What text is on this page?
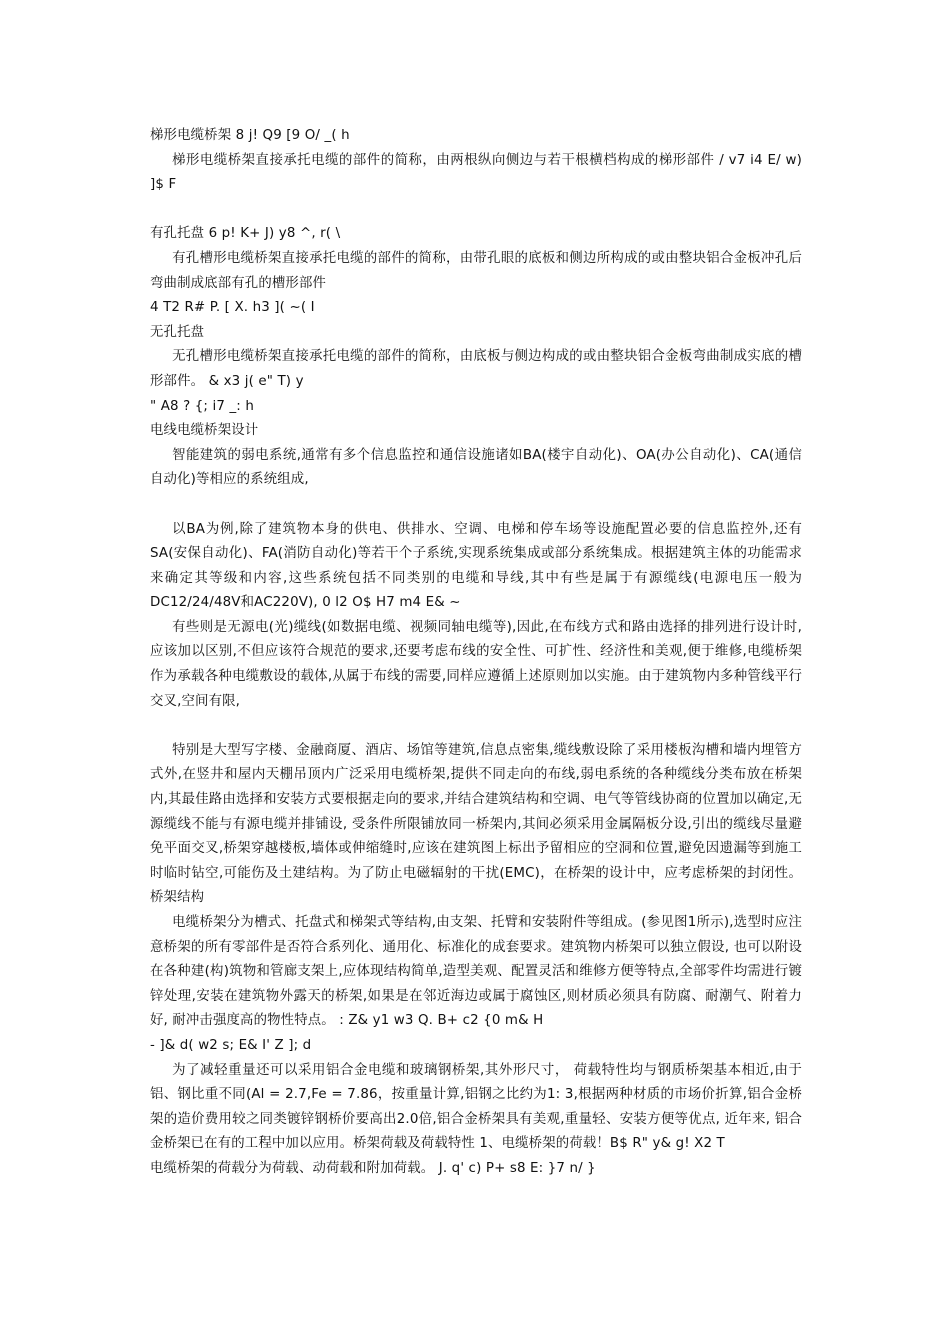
梯形电缆桥架 8 j! Q9 [9 O/ _( h
梯形电缆桥架直接承托电缆的部件的简称，由两根纵向侧边与若干根横档构成的梯形部件 / v7 i4 E/ w) ]$ F
有孔托盘 6 p! K+ J) y8 ^, r( \
有孔槽形电缆桥架直接承托电缆的部件的简称，由带孔眼的底板和侧边所构成的或由整块铝合金板冲孔后弯曲制成底部有孔的槽形部件
4 T2 R# P. [ X. h3 ]( ~( I
无孔托盘
无孔槽形电缆桥架直接承托电缆的部件的简称，由底板与侧边构成的或由整块铝合金板弯曲制成实底的槽形部件。 & x3 j( e" T) y
" A8 ? {; i7 _: h
电线电缆桥架设计
智能建筑的弱电系统,通常有多个信息监控和通信设施诸如BA(楼宇自动化)、OA(办公自动化)、CA(通信自动化)等相应的系统组成,
以BA为例,除了建筑物本身的供电、供排水、空调、电梯和停车场等设施配置必要的信息监控外,还有SA(安保自动化)、FA(消防自动化)等若干个子系统,实现系统集成或部分系统集成。根据建筑主体的功能需求来确定其等级和内容,这些系统包括不同类别的电缆和导线,其中有些是属于有源缆线(电源电压一般为DC12/24/48V和AC220V), 0 l2 O$ H7 m4 E& ~
有些则是无源电(光)缆线(如数据电缆、视频同轴电缆等),因此,在布线方式和路由选择的排列进行设计时,应该加以区别,不但应该符合规范的要求,还要考虑布线的安全性、可扩性、经济性和美观,便于维修,电缆桥架作为承载各种电缆敷设的载体,从属于布线的需要,同样应遵循上述原则加以实施。由于建筑物内多种管线平行交叉,空间有限,
特别是大型写字楼、金融商厦、酒店、场馆等建筑,信息点密集,缆线敷设除了采用楼板沟槽和墙内埋管方式外,在竖井和屋内天棚吊顶内广泛采用电缆桥架,提供不同走向的布线,弱电系统的各种缆线分类布放在桥架内,其最佳路由选择和安装方式要根据走向的要求,并结合建筑结构和空调、电气等管线协商的位置加以确定,无源缆线不能与有源电缆并排铺设, 受条件所限铺放同一桥架内,其间必须采用金属隔板分设,引出的缆线尽量避免平面交叉,桥架穿越楼板,墙体或伸缩缝时,应该在建筑图上标出予留相应的空洞和位置,避免因遗漏等到施工时临时钻空,可能伤及土建结构。为了防止电磁辐射的干扰(EMC)，在桥架的设计中，应考虑桥架的封闭性。 桥架结构
电缆桥架分为槽式、托盘式和梯架式等结构,由支架、托臂和安装附件等组成。(参见图1所示),选型时应注意桥架的所有零部件是否符合系列化、通用化、标准化的成套要求。建筑物内桥架可以独立假设, 也可以附设在各种建(构)筑物和管廊支架上,应体现结构简单,造型美观、配置灵活和维修方便等特点,全部零件均需进行镀锌处理,安装在建筑物外露天的桥架,如果是在邻近海边或属于腐蚀区,则材质必须具有防腐、耐潮气、附着力好, 耐冲击强度高的物性特点。 : Z& y1 w3 Q. B+ c2 {0 m& H
- ]& d( w2 s; E& I' Z ]; d
为了减轻重量还可以采用铝合金电缆和玻璃钢桥架,其外形尺寸， 荷载特性均与钢质桥架基本相近,由于铝、钢比重不同(Al = 2.7,Fe = 7.86，按重量计算,铝钢之比约为1: 3,根据两种材质的市场价折算,铝合金桥架的造价费用较之同类镀锌钢桥价要高出2.0倍,铝合金桥架具有美观,重量轻、安装方便等优点, 近年来, 铝合金桥架已在有的工程中加以应用。桥架荷载及荷载特性 1、电缆桥架的荷载！B$ R" y& g! X2 T
电缆桥架的荷载分为荷载、动荷载和附加荷载。 J. q' c) P+ s8 E: }7 n/ }
